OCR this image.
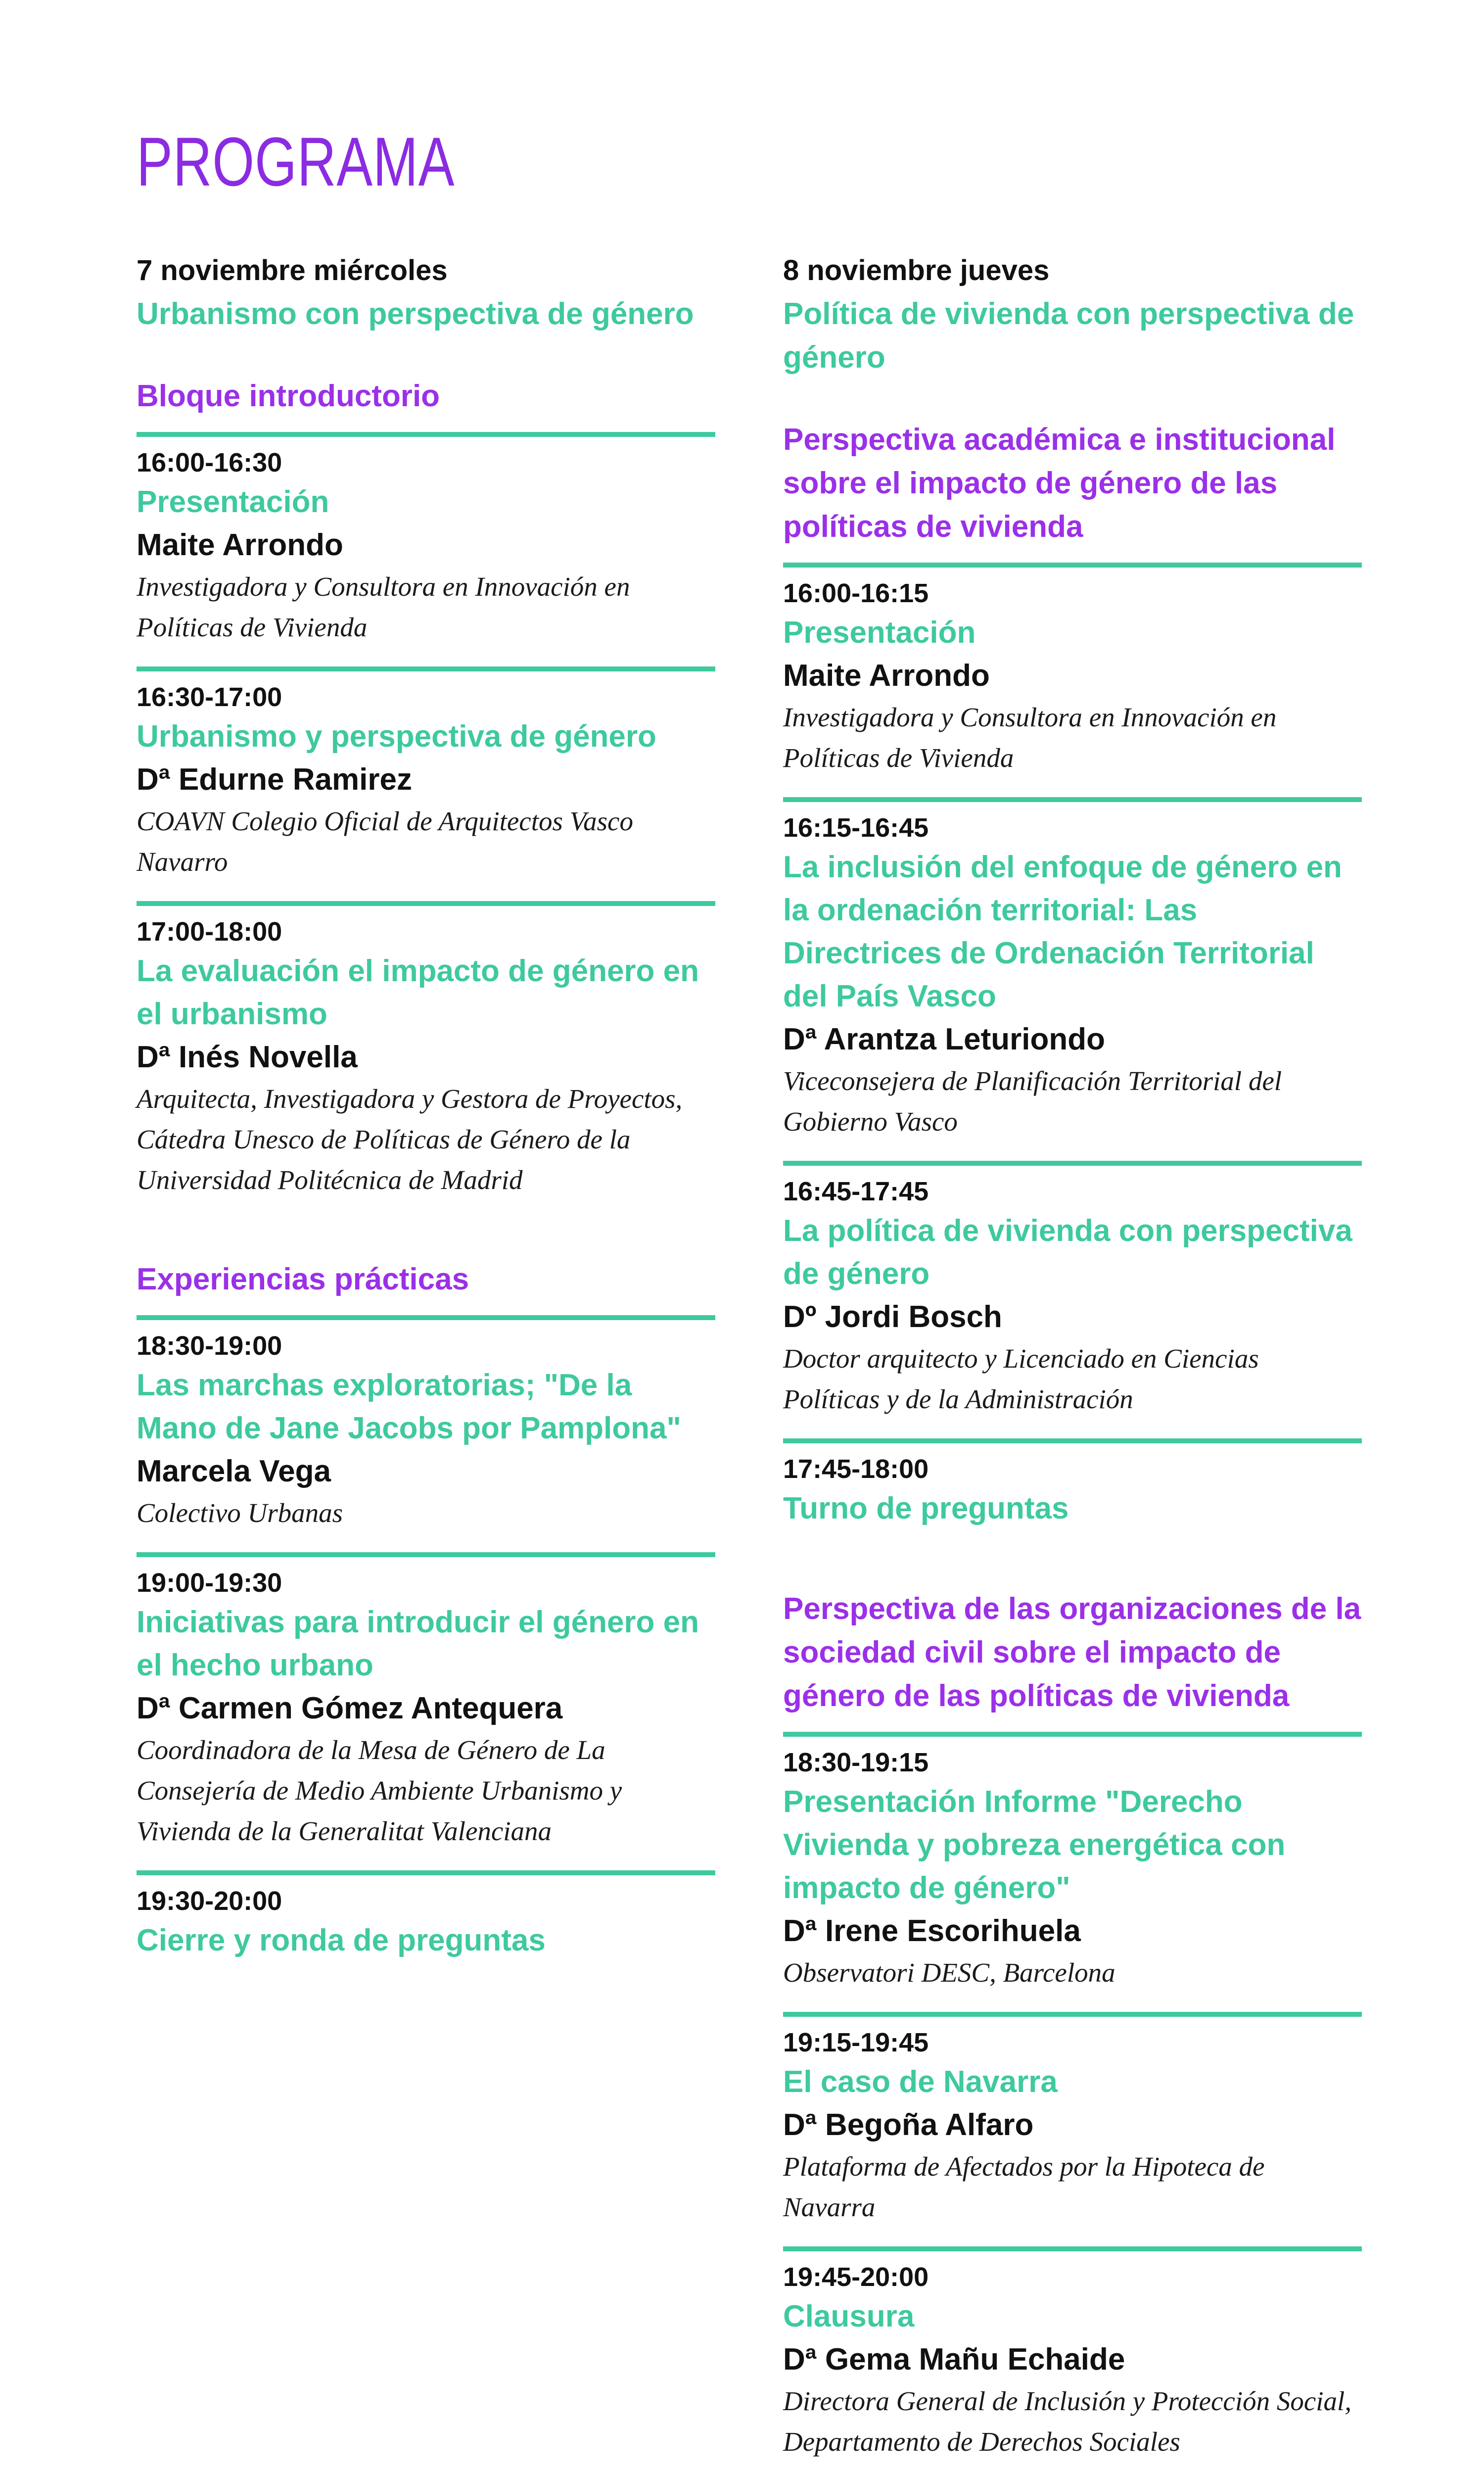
PROGRAMA
7 noviembre miércoles
Urbanismo con perspectiva de género
Bloque introductorio
16:00-16:30
Presentación
Maite Arrondo
Investigadora y Consultora en Innovación en Políticas de Vivienda
16:30-17:00
Urbanismo y perspectiva de género
Dª Edurne Ramirez
COAVN Colegio Oficial de Arquitectos Vasco Navarro
17:00-18:00
La evaluación el impacto de género en el urbanismo
Dª Inés Novella
Arquitecta, Investigadora y Gestora de Proyectos, Cátedra Unesco de Políticas de Género de la Universidad Politécnica de Madrid
Experiencias prácticas
18:30-19:00
Las marchas exploratorias; "De la Mano de Jane Jacobs por Pamplona"
Marcela Vega
Colectivo Urbanas
19:00-19:30
Iniciativas para introducir el género en el hecho urbano
Dª Carmen Gómez Antequera
Coordinadora de la Mesa de Género de La Consejería de Medio Ambiente Urbanismo y Vivienda de la Generalitat Valenciana
19:30-20:00
Cierre y ronda de preguntas
8 noviembre jueves
Política de vivienda con perspectiva de género
Perspectiva académica e institucional sobre el impacto de género de las políticas de vivienda
16:00-16:15
Presentación
Maite Arrondo
Investigadora y Consultora en Innovación en Políticas de Vivienda
16:15-16:45
La inclusión del enfoque de género en la ordenación territorial: Las Directrices de Ordenación Territorial del País Vasco
Dª Arantza Leturiondo
Viceconsejera de Planificación Territorial del Gobierno Vasco
16:45-17:45
La política de vivienda con perspectiva de género
Dº Jordi Bosch
Doctor arquitecto y Licenciado en Ciencias Políticas y de la Administración
17:45-18:00
Turno de preguntas
Perspectiva de las organizaciones de la sociedad civil sobre el impacto de género de las políticas de vivienda
18:30-19:15
Presentación Informe "Derecho Vivienda y pobreza energética con impacto de género"
Dª Irene Escorihuela
Observatori DESC, Barcelona
19:15-19:45
El caso de Navarra
Dª Begoña Alfaro
Plataforma de Afectados por la Hipoteca de Navarra
19:45-20:00
Clausura
Dª Gema Mañu Echaide
Directora General de Inclusión y Protección Social, Departamento de Derechos Sociales
